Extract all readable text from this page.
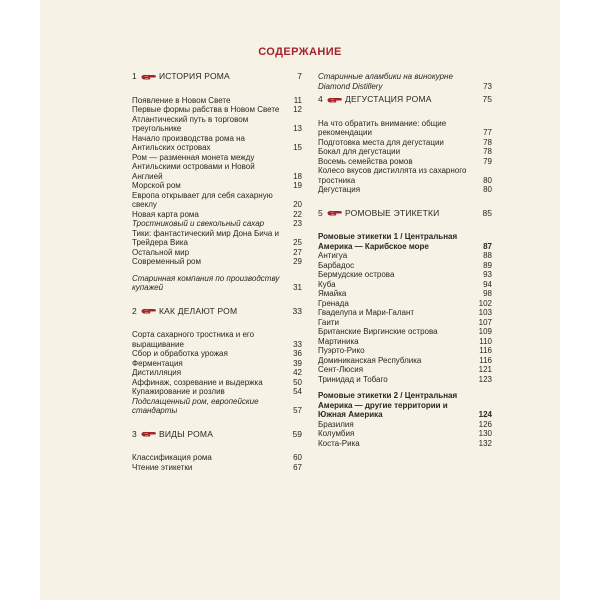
СОДЕРЖАНИЕ
1	ИСТОРИЯ РОМА	7
Появление в Новом Свете	11
Первые формы рабства в Новом Свете	12
Атлантический путь в торговом треугольнике	13
Начало производства рома на Антильских островах	15
Ром — разменная монета между Антильскими островами и Новой Англией	18
Морской ром	19
Европа открывает для себя сахарную свеклу	20
Новая карта рома	22
Тростниковый и свекольный сахар	23
Тики: фантастический мир Дона Бича и Трейдера Вика	25
Остальной мир	27
Современный ром	29
Старинная компания по производству купажей	31
2	КАК ДЕЛАЮТ РОМ	33
Сорта сахарного тростника и его выращивание	33
Сбор и обработка урожая	36
Ферментация	39
Дистилляция	42
Аффинаж, созревание и выдержка	50
Купажирование и розлив	54
Подслащенный ром, европейские стандарты	57
3	ВИДЫ РОМА	59
Классификация рома	60
Чтение этикетки	67
Старинные аламбики на винокурне Diamond Distillery	73
4	ДЕГУСТАЦИЯ РОМА	75
На что обратить внимание: общие рекомендации	77
Подготовка места для дегустации	78
Бокал для дегустации	78
Восемь семейства ромов	79
Колесо вкусов дистиллята из сахарного тростника	80
Дегустация	80
5	РОМОВЫЕ ЭТИКЕТКИ	85
Ромовые этикетки 1 / Центральная Америка — Карибское море	87
Антигуа	88
Барбадос	89
Бермудские острова	93
Куба	94
Ямайка	98
Гренада	102
Гваделупа и Мари-Галант	103
Гаити	107
Британские Виргинские острова	109
Мартиника	110
Пуэрто-Рико	116
Доминиканская Республика	116
Сент-Люсия	121
Тринидад и Тобаго	123
Ромовые этикетки 2 / Центральная Америка — другие территории и Южная Америка	124
Бразилия	126
Колумбия	130
Коста-Рика	132
